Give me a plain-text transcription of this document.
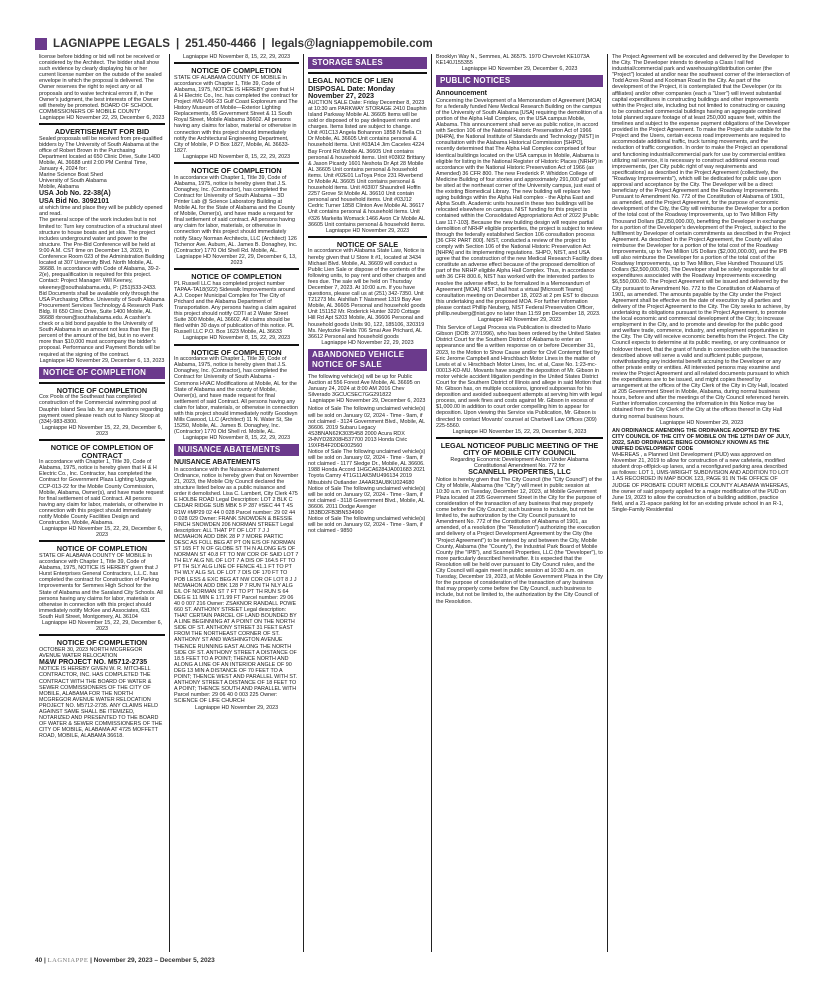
LAGNIAPPE LEGALS | 251.450-4466 | legals@lagniappemobile.com
license before bidding or bid will not be received or considered by the Architect. The bidder shall show such evidence by clearly displaying his or her current license number on the outside of the sealed envelope in which the proposal is delivered. The Owner reserves the right to reject any or all proposals and to waive technical errors if, in the Owner's judgment, the best interests of the Owner will thereby be promoted. BOARD OF SCHOOL COMMISSIONERS OF MOBILE COUNTY
Lagniappe HD November 22, 29, December 6, 2023
ADVERTISEMENT FOR BID
Sealed proposals will be received from pre-qualified bidders by The University of South Alabama at the office of Robert Brown in the Purchasing Department located at 650 Clinic Drive, Suite 1400 Mobile, AL 36688 until 2:00 PM Central Time, January 4, 2024 for:
Marine Science Boat Shed
University of South Alabama
Mobile, Alabama
USA Job No. 22-38(A)
USA Bid No. 3092101
at which time and place they will be publicly opened and read.
The general scope of the work includes but is not limited to: Turn key construction of a structural steel structure to house boats and jet skis. The project includes underground water and power to the structure. The Pre-Bid Conference will be held at 9:00 A.M. CST time on December 13, 2023, in Conference Room 023 of the Administration Building located at 307 University Blvd. North Mobile, AL 36688. In accordance with Code of Alabama, 39-2-2(e), prequalification is required for this project. Contact: Project Manager: Will Keeney, wkeeney@southalabama.edu, P: (251)533-2433. Bid Documents shall be available only through the USA Purchasing Office. University of South Alabama Procurement Services Technology & Research Park Bldg. III 650 Clinic Drive, Suite 1400 Mobile, AL 36688 rbrown@southalabama.edu. A cashier's check or a bid bond payable to the University of South Alabama in an amount not less than five (5) percent of the amount of the bid, but in no event more than $10,000 must accompany the bidder's proposal. Performance and Payment Bonds will be required at the signing of the contract.
Lagniappe HD November 29, December 6, 13, 2023
NOTICE OF COMPLETION
NOTICE OF COMPLETION
Cox Pools of the Southeast has completed construction of the Commercial swimming pool at Dauphin Island Sea lab. for any questions regarding payment owed please reach out to Nancy Stoop at (334)-983-8300.
Lagniappe HD November 15, 22, 29, December 6, 2023
NOTICE OF COMPLETION OF CONTRACT
In accordance with Chapter 1, Title 39, Code of Alabama, 1975, notice is hereby given that H & H Electric Co., Inc. Contractor, has completed the Contract for Government Plaza Lighting Upgrade, CCP-013-22 for the Mobile County Commission, Mobile, Alabama, Owner(s), and have made request for final settlement of said Contract. All persons having any claim for labor, materials, or otherwise in connection with this project should immediately notify Mobile County Facilities Design and Construction, Mobile, Alabama.
Lagniappe HD November 15, 22, 29, December 6, 2023
NOTICE OF COMPLETION
STATE OF ALABAMA COUNTY OF MOBILE In accordance with Chapter 1, Title 39, Code of Alabama, 1975, NOTICE IS HEREBY given that J Hurst Enterprises General Contractors, L.L.C. has completed the contract for Construction of Parking Improvements for Semmes High School for the State of Alabama and the Saraland City Schools. All persons having any claims for labor, materials or otherwise in connection with this project should immediately notify McKee and Associates, 631 South Hull Street, Montgomery, AL 36104
Lagniappe HD November 15, 22, 29, December 6, 2023
NOTICE OF COMPLETION
OCTOBER 30, 2023 NORTH MCGREGOR AVENUE WATER RELOCATION
M&W PROJECT NO. M5712-2735
NOTICE IS HEREBY GIVEN W. R. MITCHELL CONTRACTOR, INC. HAS COMPLETED THE CONTRACT WITH THE BOARD OF WATER & SEWER COMMISSIONERS OF THE CITY OF MOBILE, ALABAMA FOR THE NORTH MCGREGOR AVENUE WATER RELOCATION PROJECT NO. M5712-2735. ANY CLAIMS HELD AGAINST SAME SHALL BE ITEMIZED, NOTARIZED AND PRESENTED TO THE BOARD OF WATER & SEWER COMMISSIONERS OF THE CITY OF MOBILE, ALABAMA AT 4725 MOFFETT ROAD, MOBILE, ALABAMA 36618.
Lagniappe HD November 8, 15, 22, 29, 2023
NOTICE OF COMPLETION
STATE OF ALABAMA COUNTY OF MOBILE In accordance with Chapter 1, Title 39, Code of Alabama, 1975, NOTICE IS HEREBY given that H & H Electric Co., Inc. has completed the contract for Project #MU-066-23 Gulf Coast Exploreum and The History Museum of Mobile—Exterior Lighting Replacements, 65 Government Street & 11 South Royal Street, Mobile Alabama 36602. All persons having any claims for labor, material or otherwise in connection with this project should immediately notify the Architectural Engineering Department, City of Mobile, P O Box 1827, Mobile, AL 36633-1827.
Lagniappe HD November 8, 15, 22, 29, 2023
NOTICE OF COMPLETION
In accordance with Chapter 1, Title 39, Code of Alabama, 1975, notice is hereby given that J.S. Donaghey, Inc. (Contractor), has completed the Contract for University of South Alabama – 3D Printer Lab @ Science Laboratory Building at Mobile AL for the State of Alabama and the County of Mobile, Owner(s), and have made a request for final settlement of said contract. All persons having any claim for labor, materials, or otherwise in connection with this project should immediately notify Stacy Norman Architects, LLC (Architect) 126 Tichenor Ave. Auburn, AL. James B. Donaghey, Inc. (Contractor) 1770 Old Shell Rd. Mobile, AL.
Lagniappe HD November 22, 29, December 6, 13, 2023
NOTICE OF COMPLETION
PL Russell LLC has completed project number TAPAA-TA18(922) Sidewalk Improvements around A.J. Cooper Municipal Complex for The City of Prichard and the Alabama Department of Transportation. Any persons having a claim against this project should notify CDTI at 2 Water Street Suite 300 Mobile, AL 36602. All claims should be filed within 30 days of publication of this notice. PL Russell LLC P.O. Box 1623 Mobile, AL 36633
Lagniappe HD November 8, 15, 22, 29, 2023
NOTICE OF COMPLETION
In accordance with Chapter 1, Title 39, Code of Alabama, 1975, notice is hereby given that J.S. Donaghey, Inc. (Contractor), has completed the Contract for University of South Alabama - Commons HVAC Modifications at Mobile, AL for the State of Alabama and the county of Mobile, Owner(s), and have made request for final settlement of said Contract. All persons having any claim for labor, materials, or otherwise in connection with this project should immediately notify Goodwyn Mills Cawood, LLC (Architect) 11 N. Water St, Ste 15250, Mobile, AL. James B. Donaghey, Inc. (Contractor) 1770 Old Shell rd. Mobile, AL.
Lagniappe HD November 8, 15, 22, 29, 2023
NUISANCE ABATEMENTS
NUISANCE ABATEMENTS
In accordance with the Nuisance Abatement Ordinance, notice is hereby given that on November 21, 2023, the Mobile City Council declared the structure listed below as a public nuisance and order it demolished. Lisa C. Lambert, City Clerk 475 E HOLBE ROAD Legal Description: LOT 2 BLK C CEDAR RIDGE SUB MBK 5 P 287 #SEC 44 T 4S R1W #MP29 02 44 0 028 Parcel number: 29 02 44 0 028 029 Owner: FRANK SNOWDEN & BESSIE FINCH SNOWDEN 206 NORMAN STREET Legal description: ALL THAT PT OF LOT 7 J J MCMAHON ADD DBK 28 P 7 MORE PARTIC DESC AS FOLL BEG AT PT ON E/S OF NORMAN ST 165 FT N OF GLOBE ST TH N ALONG E/S OF NORMAN ST 40.8 FT TO NW COR OF SAID LOT 7 TH ELY ALG N/L OF LOT 7 A DIS OF 164.5 FT TO PT TH SLY ALG LINE OF FENCE 41.1 FT TO PT TH WLY ALG S/L OF LOT 7 DIS OF 170 FT TO POB LESS & EXC BEG AT NW COR OF LOT 8 J J MCMAHON ADD DBK 128 P 7 RUN TH NLY ALG E/L OF NORMAN ST 7 FT TO PT TH RUN S 64 DEG E 11 MIN E 171.99 FT Parcel number: 29 06 40 0 007 216 Owner: ZSAKNOR RANDALL POWE 660 ST. ANTHONY STREET Legal description: THAT CERTAIN PARCEL OF LAND BOUNDED BY A LINE BEGINNING AT A POINT ON THE NORTH SIDE OF ST. ANTHONY STREET 31 FEET EAST FROM THE NORTHEAST CORNER OF ST. ANTHONY ST AND WASHINGTON AVENUE THENCE RUNNING EAST ALONG THE NORTH SIDE OF ST. ANTHONY STREET A DISTANCE OF 18.5 FEET TO A POINT; THENCE NORTH AND ALONG A LINE OF AN INTERIOR ANGLE OF 90 DEG 13 MIN A DISTANCE OF 70 FEET TO A POINT; THENCE WEST AND PARALLEL WITH ST. ANTHONY STREET A DISTANCE OF 18 FEET TO A POINT; THENCE SOUTH AND PARALLEL WITH Parcel number: 29 06 40 0 003 225 Owner: SCIENCE OF LIFE CHURCH
Lagniappe HD November 29, 2023
STORAGE SALES
LEGAL NOTICE OF LIEN DISPOSAL Date: Monday November 27, 2023
AUCTION SALE Date: Friday December 8, 2023 at 10:30 am PARKWAY STORAGE 2410 Dauphin Island Parkway Mobile AL 36605 Items will be sold or disposed of to pay delinquent rents and charges. Items listed are subject to change.
Unit #01C13 Angela Bohannon 1858 N Bella Ct Dr Mobile, AL 36605 Unit contains personal & household items. Unit #03A14 Jim Caceles 4224 Bay Front Rd Mobile AL 36605 Unit contains personal & household items. Unit #03I02 Brittany & Jason Picardy 1601 Neshota Dr Apt 28 Mobile AL 36605 Unit contains personal & household items. Unit #02E01 LaToya Price 231 Riverbend Dr Mobile AL 36605 Unit contains personal & household items. Unit #03I07 Shaundrell Hoffin 2257 Grove St Mobile AL 36610 Unit contain personal and household items. Unit #03J12 Cedric Turner 1858 Clinton Ave Mobile AL 36617 Unit contains personal & household items. Unit #326 Markeita Womack 1466 Avon Cir Mobile AL 36605 Unit contains personal & household items.
Lagniappe HD November 29, 2023
NOTICE OF SALE
In accordance with Alabama State Law, Notice is hereby given that U Store It #1, located at 3434 Michael Blvd. Mobile, AL 36609 will conduct a Public Lien Sale or dispose of the contents of the following units, to pay rent and other charges and fees due. The sale will be held on Thursday December 7, 2023. At 10:00 a.m. If you have questions, please call us at (251) 342-7350. Unit T21273 Ms. Aishiliah T Naismeet 1319 Bay Ave Mobile, AL 36605 Personal and household goods Unit 151152 Mr. Roderick Hunter 3220 Cottage Hill Rd Apt S203 Mobile, AL 36606 Personal and household goods Units 90, 122, 185106, 320319 Ms. Neytozke Fields 706 Smai Ave Prichard, AL 36612 Personal and household goods
Lagniappe HD November 22, 29, 2023
ABANDONED VEHICLE NOTICE OF SALE
The following vehicle(s) will be up for Public Auction at 556 Forest Ave Mobile, AL 36695 on January 24, 2024 at 8:00 AM 2016 Chev Silverado 3GCUCSEC7GG291822
Lagniappe HD November 29, December 6, 2023
Notice of Sale The following unclaimed vehicle(s) will be sold on January 02, 2024 - Time - 9am, if not claimed - 3124 Government Blvd., Mobile, AL 36606. 2019 Subaru Legacy 4S3BNAN62K3035458 2000 Acura RDX 2HNYD28208H537700 2013 Honda Civic 19XFB4F20DE002560
Notice of Sale The following unclaimed vehicle(s) will be sold on January 02, 2024 - Time - 9am, if not claimed - 1177 Sledge Dr., Mobile, AL 36606. 1988 Honda Accord 1HGCA6284JA001683 2021 Toyota Camry 4T1G11AK5MU496134 2019 Mitsubishi Outlander JA4AR3AU8KU024680
Notice of Sale The following unclaimed vehicle(s) will be sold on January 02, 2024 - Time - 9am, if not claimed - 3118 Government Blvd., Mobile, AL 36606. 2011 Dodge Avenger 1B3BD2FB3BN534960
Notice of Sale The following unclaimed vehicle(s) will be sold on January 02, 2024 - Time - 9am, if not claimed - 9850
Brooklyn Way N., Semmes, AL 36575. 1970 Chevrolet KE1073A KE140J155355
Lagniappe HD November 29, December 6, 2023
PUBLIC NOTICES
Announcement
Concerning the Development of a Memorandum of Agreement [MOA] for a federally funded New Medical Research Building on the campus of the University of South Alabama [USA] requiring the demolition of a portion of the Alpha Hall Complex, on the USA campus Mobile, Alabama. This announcement shall serve as public notice, in accord with Section 106 of the National Historic Preservation Act of 1966 [NHPA], the National Institute of Standards and Technology [NIST] in consultation with the Alabama Historical Commission [SHPO], recently determined that The Alpha Hall Complex comprised of four identical buildings located on the USA campus in Mobile, Alabama is eligible for listing in the National Register of Historic Places (NRHP) in accordance with the National Historic Preservation Act of 1966 (as Amended) 36 CFR 800. The new Frederick P. Whiddon College of Medicine Building of four stories and approximately 291,000 gsf will be sited at the northeast corner of the University campus, just east of the existing Biomedical Library. The new building will replace two aging buildings within the Alpha Hall complex - the Alpha East and Alpha South. Academic units housed in these two buildings will be relocated elsewhere on campus. NIST funding for this project is contained within the Consolidated Appropriations Act of 2022 [Public Law 117-103]. Because the new building design will require partial demolition of NRHP eligible properties, the project is subject to review through the federally established Section 106 consultation process [36 CFR PART 800]. NIST, conducted a review of the project to comply with Section 106 of the National Historic Preservation Act [NHPA] and its implementing regulations. SHPO, NIST, and USA agree that the construction of the new Medical Research Facility does constitute an adverse effect because of the proposed demolition of part of the NRHP eligible Alpha Hall Complex. Thus, in accordance with 36 CFR 800.6, NIST has worked with the interested parties to resolve the adverse effect, to be formalized in a Memorandum of Agreement [MOA]. NIST shall host a virtual [Microsoft Teams] consultation meeting on December 18, 2023 at 2 pm EST to discuss this undertaking and the proposed MOA. For further information please contact Phillip Neuberg, NIST Federal Preservation Officer, phillip.neuberg@nist.gov no later than 11:59 pm December 18, 2023.
Lagniappe HD November 29, 2023
This Service of Legal Process via Publication is directed to Mario Gibson (DOB: 2/7/1996), who has been ordered by the United States District Court for the Southern District of Alabama to enter an appearance and file a written response on or before December 31, 2023, to the Motion to Show Cause and/or for Civil Contempt filed by Eric Jerome Campbell and Hirschbach Motor Lines in the matter of Lewis et al v. Hirschbach Motor Lines, Inc. et al, Case No. 1:23-mc-00013-KD-MU. Movants have sought the deposition of Mr. Gibson in motor vehicle accident litigation pending in the United States District Court for the Southern District of Illinois and allege in said Motion that Mr. Gibson has, on multiple occasions, ignored subpoenas for his deposition and avoided subsequent attempts at serving him with legal process, and seek fines and costs against Mr. Gibson in excess of $1,000.00 in addition to court order compelling him to appear for deposition. Upon viewing this Service via Publication, Mr. Gibson is directed to contact Movants' counsel at Chartwell Law Offices (309) 225-5560.
Lagniappe HD November 15, 22, 29, December 6, 2023
LEGAL NOTICEOF PUBLIC MEETING OF THE CITY OF MOBILE CITY COUNCIL
Regarding Economic Development Action Under Alabama Constitutional Amendment No. 772 for
SCANNELL PROPERTIES, LLC
Notice is hereby given that The City Council (the "City Council") of the City of Mobile, Alabama (the "City") will meet in public session at 10:30 a.m. on Tuesday, December 12, 2023, at Mobile Government Plaza located at 205 Government Street in the City for the purpose of consideration of the transaction of any business that may properly come before the City Council; such business to include, but not be limited to, the authorization by the City Council pursuant to Amendment No. 772 of the Constitution of Alabama of 1901, as amended, of a resolution (the "Resolution") authorizing the execution and delivery of a Project Development Agreement by the City (the "Project Agreement") to be entered by and between the City, Mobile County, Alabama (the "County"), the Industrial Park Board of Mobile County (the "IPB"), and Scannell Properties, LLC (the "Developer"), to more particularly described hereinafter. It is expected that the Resolution will be held over pursuant to City Council rules, and the City Council will again meet in public session at 10:30 a.m. on Tuesday, December 19, 2023, at Mobile Government Plaza in the City for the purpose of consideration of the transaction of any business that may properly come before the City Council, such business to include, but not be limited to, the authorization by the City Council of the Resolution.
The Project Agreement will be executed and delivered by the Developer to the City. The Developer intends to develop a Class I rail fed industrial/commercial park and warehousing/distribution center (the "Project") located at and/or near the southwest corner of the intersection of Todd Acres Road and Kooiman Road in the City. As part of the development of the Project, it is contemplated that the Developer (or its affiliates) and/or other companies (each a "User") will invest substantial capital expenditures in constructing buildings and other improvements within the Project site, including but not limited to constructing or causing to be constructed commercial buildings having an aggregate combined total planned square footage of at least 250,000 square feet, within the timelines and subject to the expense payment obligations of the Developer provided in the Project Agreement. To make the Project site suitable for the Project and the Users, certain excess road improvements are required to accommodate additional traffic, truck turning movements, and the reduction of traffic congestion. In order to make the Project an operational and functioning industrial/commercial park for use by commercial entities utilizing rail service, it is necessary to construct additional excess road improvements, (per City public right of way requirements and specifications) as described in the Project Agreement (collectively, the "Roadway Improvements"), which will be dedicated for public use upon approval and acceptance by the City. The Developer will be a direct beneficiary of the Project Agreement and the Roadway Improvements. Pursuant to Amendment No. 772 of the Constitution of Alabama of 1901, as amended, and the Project Agreement, for the purpose of economic development of the City, the City will reimburse the Developer for a portion of the total cost of the Roadway Improvements, up to Two Million Fifty Thousand Dollars ($2,050,000.00), benefiting the Developer in exchange for a portion of the Developer's development of the Project, subject to the fulfillment by Developer of certain commitments as described in the Project Agreement. As described in the Project Agreement, the County will also reimburse the Developer for a portion of the total cost of the Roadway Improvements, up to Two Million US Dollars ($2,000,000.00), and the IPB will also reimburse the Developer for a portion of the total cost of the Roadway Improvements, up to Two Million, Five Hundred Thousand US Dollars ($2,500,000.00). The Developer shall be solely responsible for all expenditures associated with the Roadway Improvements exceeding $6,550,000.00. The Project Agreement will be issued and delivered by the City pursuant to Amendment No. 772 to the Constitution of Alabama of 1901, as amended. The amounts payable by the City under the Project Agreement shall be effective on the date of execution by all parties and delivery of the Project Agreement to the City. The City seeks to achieve, by undertaking its obligations pursuant to the Project Agreement, to promote the local economic and commercial development of the City; to increase employment in the City, and to promote and develop for the public good and welfare trade, commerce, industry, and employment opportunities in the City. The City will receive economic benefits from the Project. The City Council expects to determine at its public meeting, or any continuance or holdover thereof, that the grant of funds in connection with the transaction described above will serve a valid and sufficient public purpose, notwithstanding any incidental benefit accruing to the Developer or any other private entity or entities. All interested persons may examine and review the Project Agreement and all related documents pursuant to which the expenditures are to be issued, and might copies thereof by arrangement at the offices of the City Clerk of the City in City Hall, located at 205 Government Street in Mobile, Alabama, during normal business hours, before and after the meetings of the City Council referenced herein. Further information concerning the information in this Notice may be obtained from the City Clerk of the City at the offices thereof in City Hall during normal business hours.
Lagniappe HD November 29, 2023
AN ORDINANCE AMENDING THE ORDINANCE ADOPTED BY THE CITY COUNCIL OF THE CITY OF MOBILE ON THE 12TH DAY OF JULY, 2022, SAID ORDINANCE BEING COMMONLY KNOWN AS THE UNIFIED DEVELOPMENT CODE
WHEREAS , a Planned Unit Development (PUD) was approved on November 21, 2019 to allow for construction of a new cafeteria, modified student drop-off/pick-up lanes, and a reconfigured parking area described as follows: LOT 1, UMS-WRIGHT SUBDIVISION AND ADDITION TO LOT 1 AS RECORDED IN MAP BOOK 123, PAGE 91 IN THE OFFICE OF JUDGE OF PROBATE COURT MOBILE COUNTY ALABAMA WHEREAS, the owner of said property applied for a major modification of the PUD on June 19, 2023 to allow the construction of a building addition, practice field, and a 21-space parking lot for an existing private school in an R-1, Single-Family Residential
40 | LAGNIAPPE | November 29, 2023 – December 5, 2023
